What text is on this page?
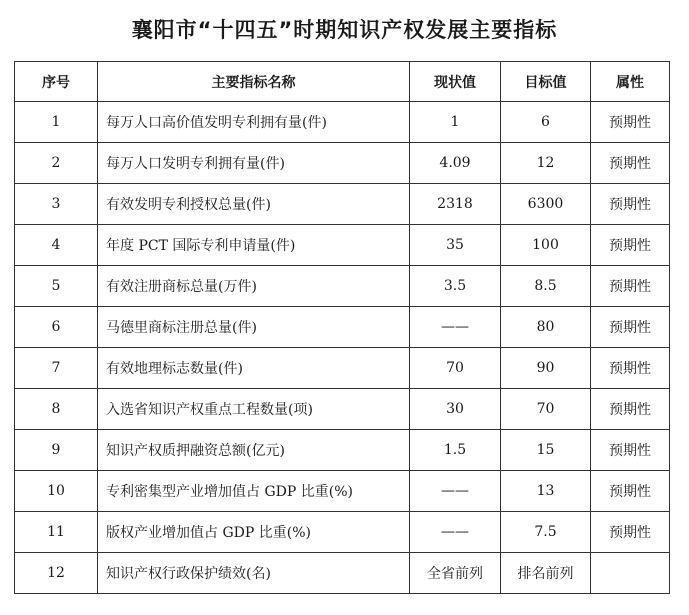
襄阳市“十四五”时期知识产权发展主要指标
序号	主要指标名称	现状值	目标值	属性
1	每万人口高价值发明专利拥有量(件)	1	6	预期性
2	每万人口发明专利拥有量(件)	4.09	12	预期性
3	有效发明专利授权总量(件)	2318	6300	预期性
4	年度 PCT 国际专利申请量(件)	35	100	预期性
5	有效注册商标总量(万件)	3.5	8.5	预期性
6	马德里商标注册总量(件)	——	80	预期性
7	有效地理标志数量(件)	70	90	预期性
8	入选省知识产权重点工程数量(项)	30	70	预期性
9	知识产权质押融资总额(亿元)	1.5	15	预期性
10	专利密集型产业增加值占 GDP 比重(%)	——	13	预期性
11	版权产业增加值占 GDP 比重(%)	——	7.5	预期性
12	知识产权行政保护绩效(名)	全省前列	排名前列	
